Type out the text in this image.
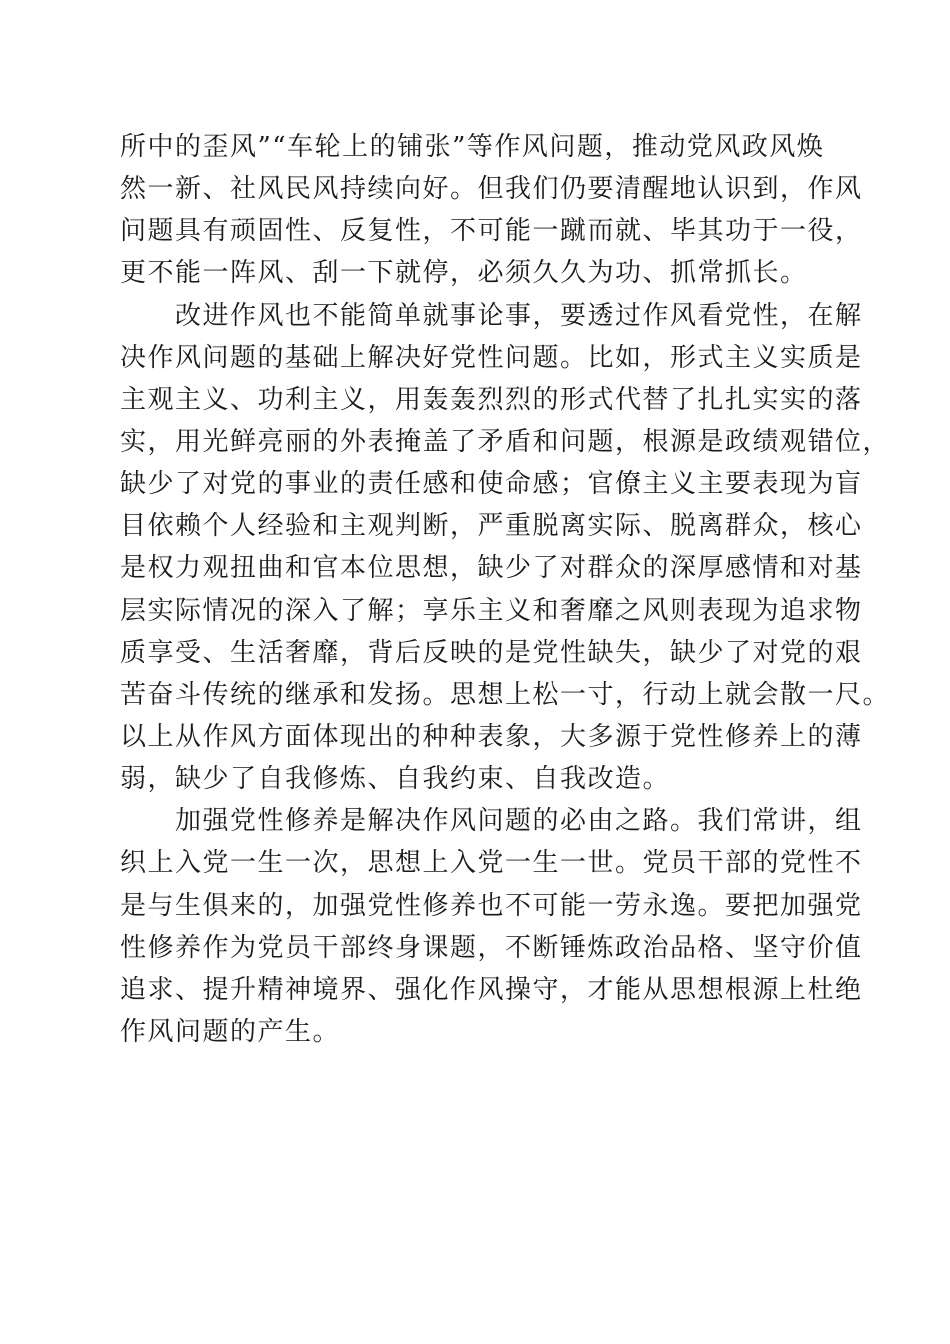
所中的歪风”“车轮上的铺张”等作风问题，推动党风政风焕
然一新、社风民风持续向好。但我们仍要清醒地认识到，作风
问题具有顽固性、反复性，不可能一蹴而就、毕其功于一役，
更不能一阵风、刮一下就停，必须久久为功、抓常抓长。
　　改进作风也不能简单就事论事，要透过作风看党性，在解
决作风问题的基础上解决好党性问题。比如，形式主义实质是
主观主义、功利主义，用轰轰烈烈的形式代替了扎扎实实的落
实，用光鲜亮丽的外表掩盖了矛盾和问题，根源是政绩观错位，
缺少了对党的事业的责任感和使命感；官僚主义主要表现为盲
目依赖个人经验和主观判断，严重脱离实际、脱离群众，核心
是权力观扭曲和官本位思想，缺少了对群众的深厚感情和对基
层实际情况的深入了解；享乐主义和奢靡之风则表现为追求物
质享受、生活奢靡，背后反映的是党性缺失，缺少了对党的艰
苦奋斗传统的继承和发扬。思想上松一寸，行动上就会散一尺。
以上从作风方面体现出的种种表象，大多源于党性修养上的薄
弱，缺少了自我修炼、自我约束、自我改造。
　　加强党性修养是解决作风问题的必由之路。我们常讲，组
织上入党一生一次，思想上入党一生一世。党员干部的党性不
是与生俱来的，加强党性修养也不可能一劳永逸。要把加强党
性修养作为党员干部终身课题，不断锤炼政治品格、坚守价值
追求、提升精神境界、强化作风操守，才能从思想根源上杜绝
作风问题的产生。
